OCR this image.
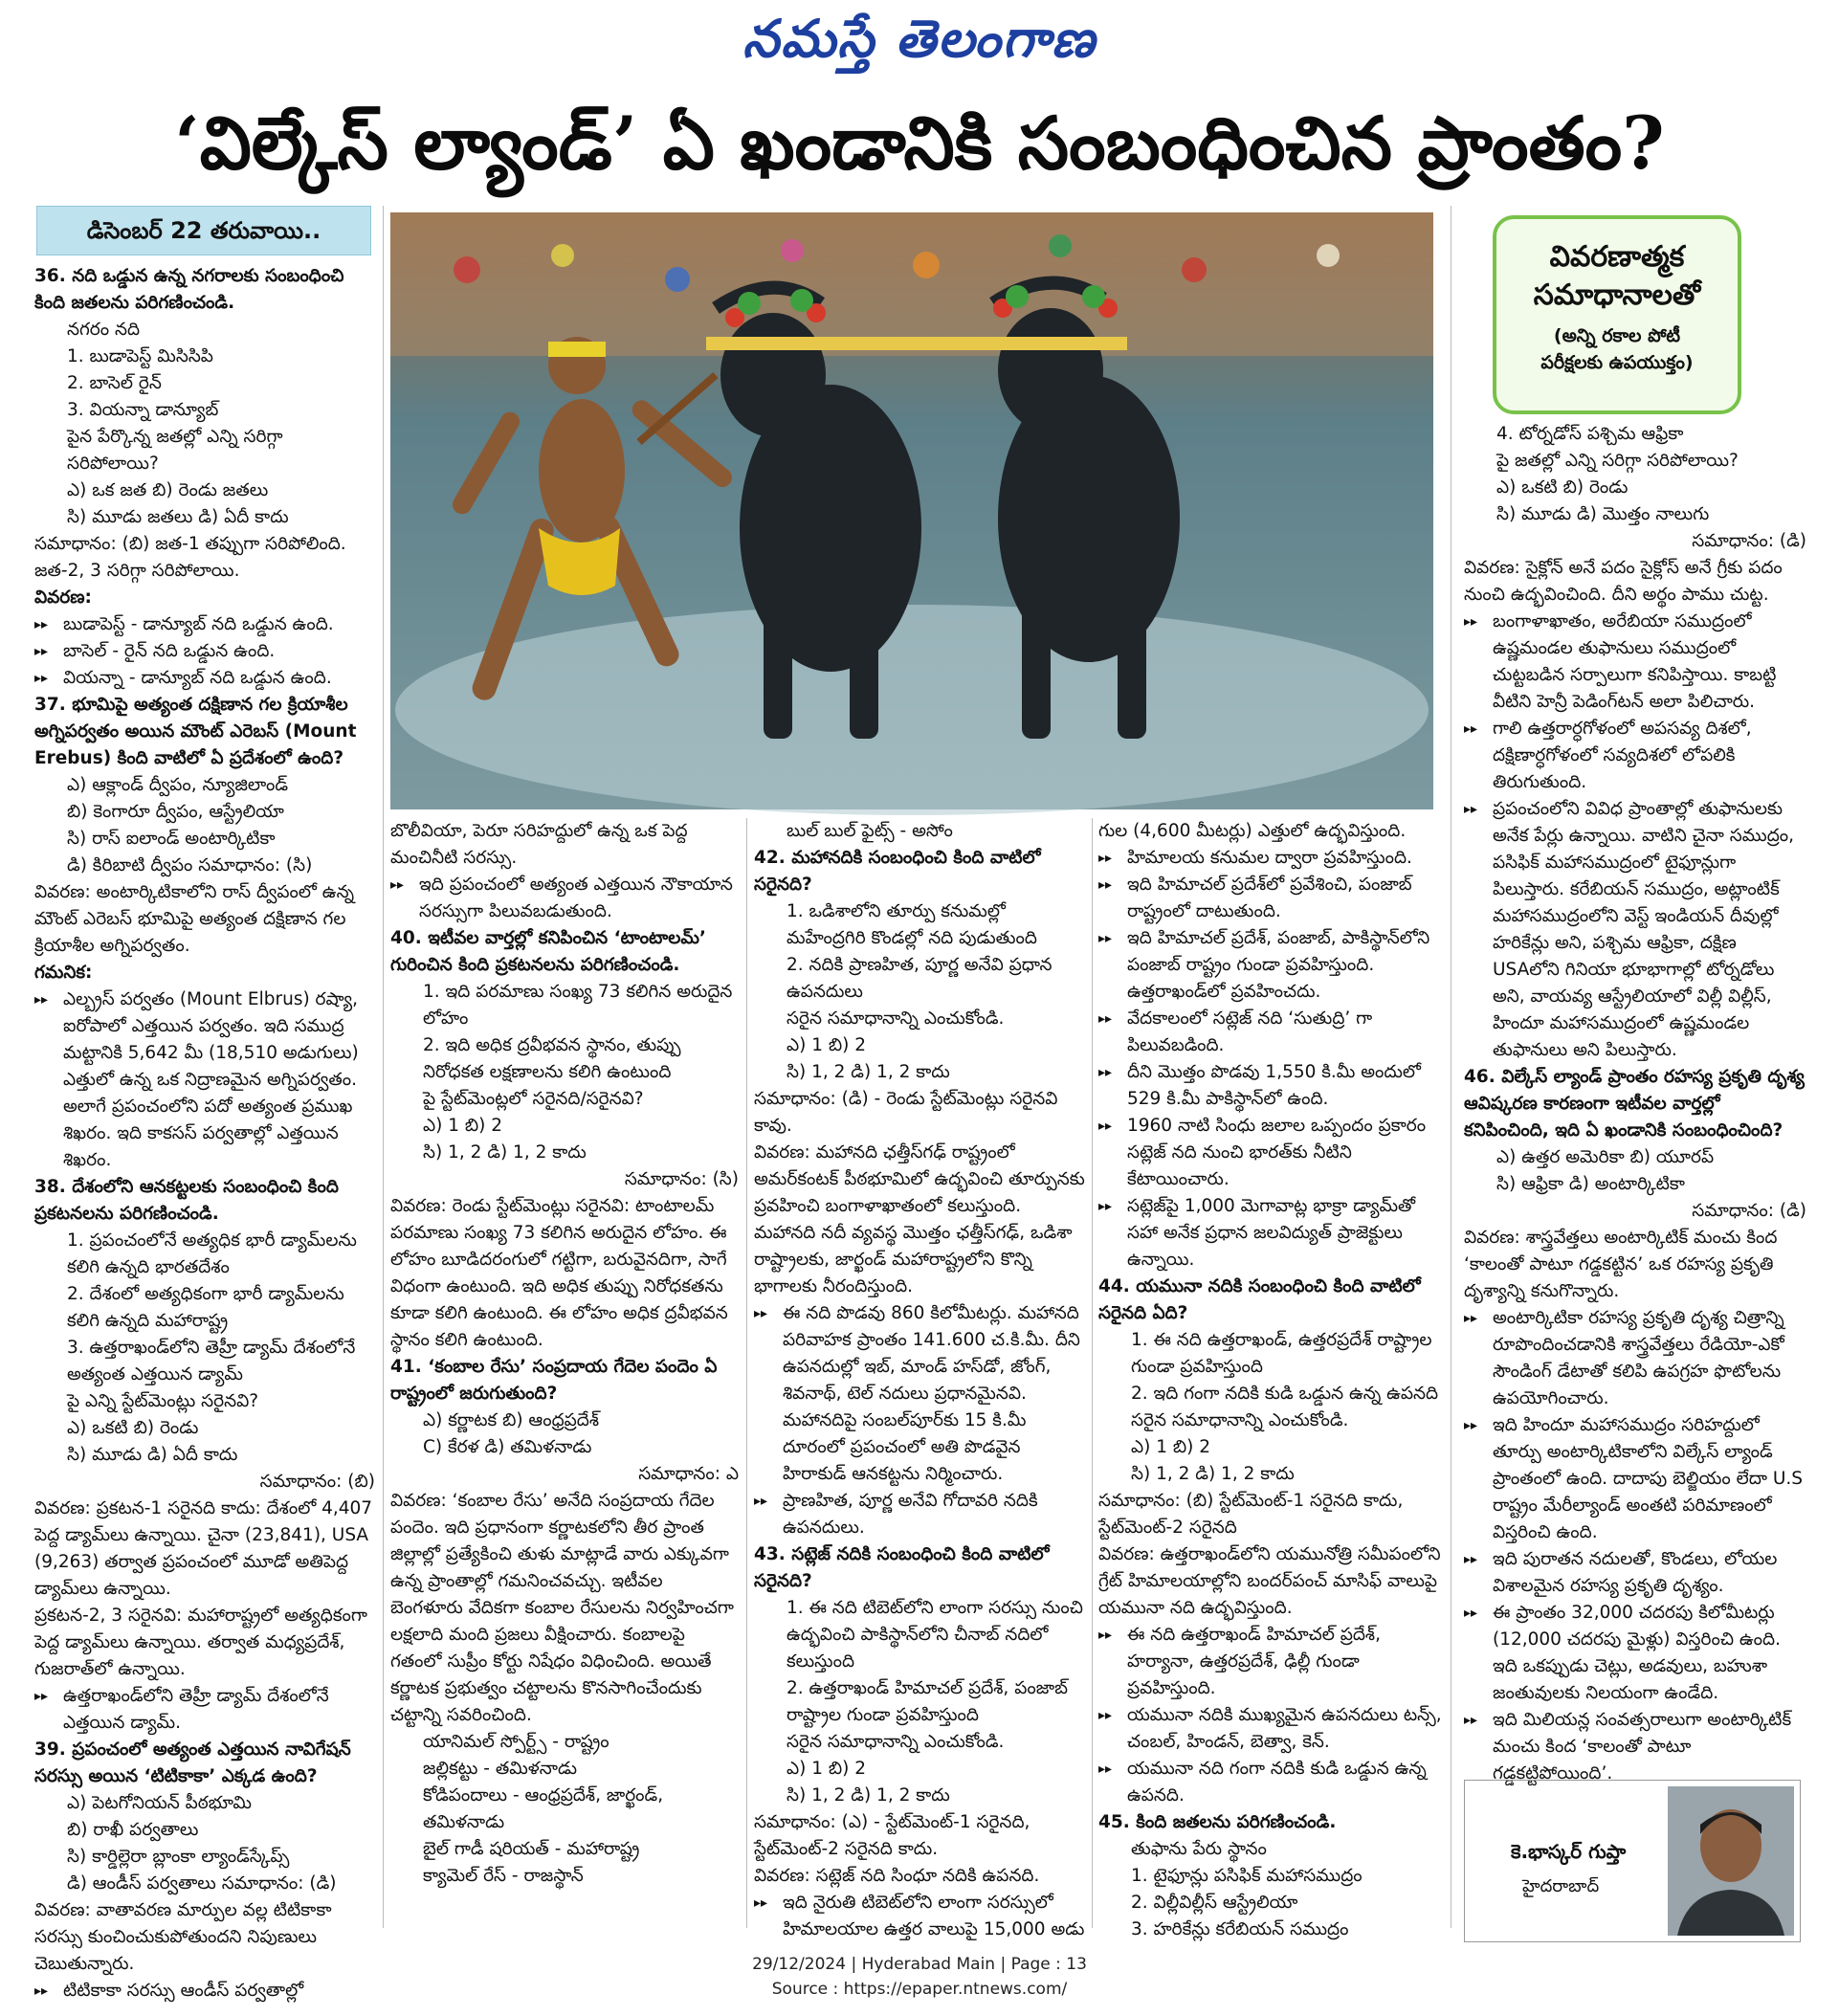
నమస్తే తెలంగాణ
‘విల్కేస్ ల్యాండ్’ ఏ ఖండానికి సంబంధించిన ప్రాంతం?
డిసెంబర్ 22 తరువాయి..

36. నది ఒడ్డున ఉన్న నగరాలకు సంబంధించి కింది జతలను పరిగణించండి.

నగరం నది

1. బుడాపెస్ట్ మిసిసిపి

2. బాసెల్ రైన్

3. వియన్నా డాన్యూబ్

పైన పేర్కొన్న జతల్లో ఎన్ని సరిగ్గా సరిపోలాయి?

ఎ) ఒక జత బి) రెండు జతలు

సి) మూడు జతలు డి) ఏదీ కాదు

సమాధానం: (బి) జత-1 తప్పుగా సరిపోలింది. జత-2, 3 సరిగ్గా సరిపోలాయి.

వివరణ:

▸▸ బుడాపెస్ట్ - డాన్యూబ్ నది ఒడ్డున ఉంది.

▸▸ బాసెల్ - రైన్ నది ఒడ్డున ఉంది.

▸▸ వియన్నా - డాన్యూబ్ నది ఒడ్డున ఉంది.

37. భూమిపై అత్యంత దక్షిణాన గల క్రియాశీల అగ్నిపర్వతం అయిన మౌంట్ ఎరెబస్ (Mount Erebus) కింది వాటిలో ఏ ప్రదేశంలో ఉంది?

ఎ) ఆక్లాండ్ ద్వీపం, న్యూజిలాండ్

బి) కెంగారూ ద్వీపం, ఆస్ట్రేలియా

సి) రాస్ ఐలాండ్ అంటార్కిటికా

డి) కిరిబాటి ద్వీపం సమాధానం: (సి)

వివరణ: అంటార్కిటికాలోని రాస్ ద్వీపంలో ఉన్న మౌంట్ ఎరెబస్ భూమిపై అత్యంత దక్షిణాన గల క్రియాశీల అగ్నిపర్వతం.

గమనిక:

▸▸ ఎల్బ్రస్ పర్వతం (Mount Elbrus) రష్యా, ఐరోపాలో ఎత్తయిన పర్వతం. ఇది సముద్ర మట్టానికి 5,642 మీ (18,510 అడుగులు) ఎత్తులో ఉన్న ఒక నిద్రాణమైన అగ్నిపర్వతం. అలాగే ప్రపంచంలోని పదో అత్యంత ప్రముఖ శిఖరం. ఇది కాకసస్ పర్వతాల్లో ఎత్తయిన శిఖరం.

38. దేశంలోని ఆనకట్టలకు సంబంధించి కింది ప్రకటనలను పరిగణించండి.

1. ప్రపంచంలోనే అత్యధిక భారీ డ్యామ్‌లను కలిగి ఉన్నది భారతదేశం

2. దేశంలో అత్యధికంగా భారీ డ్యామ్‌లను కలిగి ఉన్నది మహారాష్ట్ర

3. ఉత్తరాఖండ్‌లోని తెహ్రీ డ్యామ్ దేశంలోనే అత్యంత ఎత్తయిన డ్యామ్

పై ఎన్ని స్టేట్‌మెంట్లు సరైనవి?

ఎ) ఒకటి బి) రెండు

సి) మూడు డి) ఏదీ కాదు

సమాధానం: (బి)

వివరణ: ప్రకటన-1 సరైనది కాదు: దేశంలో 4,407 పెద్ద డ్యామ్‌లు ఉన్నాయి. చైనా (23,841), USA (9,263) తర్వాత ప్రపంచంలో మూడో అతిపెద్ద డ్యామ్‌లు ఉన్నాయి.

ప్రకటన-2, 3 సరైనవి: మహారాష్ట్రలో అత్యధికంగా పెద్ద డ్యామ్‌లు ఉన్నాయి. తర్వాత మధ్యప్రదేశ్, గుజరాత్‌లో ఉన్నాయి.

▸▸ ఉత్తరాఖండ్‌లోని తెహ్రీ డ్యామ్ దేశంలోనే ఎత్తయిన డ్యామ్.

39. ప్రపంచంలో అత్యంత ఎత్తయిన నావిగేషన్ సరస్సు అయిన ‘టిటికాకా’ ఎక్కడ ఉంది?

ఎ) పెటగోనియన్ పీఠభూమి

బి) రాఖీ పర్వతాలు

సి) కార్డిల్లెరా బ్లాంకా ల్యాండ్‌స్కేప్స్

డి) ఆండీస్ పర్వతాలు సమాధానం: (డి)

వివరణ: వాతావరణ మార్పుల వల్ల టిటికాకా సరస్సు కుంచించుకుపోతుందని నిపుణులు చెబుతున్నారు.

▸▸ టిటికాకా సరస్సు ఆండీస్ పర్వతాల్లో

బొలీవియా, పెరూ సరిహద్దులో ఉన్న ఒక పెద్ద మంచినీటి సరస్సు.

▸▸ ఇది ప్రపంచంలో అత్యంత ఎత్తయిన నౌకాయాన సరస్సుగా పిలువబడుతుంది.

40. ఇటీవల వార్తల్లో కనిపించిన ‘టాంటాలమ్’ గురించిన కింది ప్రకటనలను పరిగణించండి.

1. ఇది పరమాణు సంఖ్య 73 కలిగిన అరుదైన లోహం

2. ఇది అధిక ద్రవీభవన స్థానం, తుప్పు నిరోధకత లక్షణాలను కలిగి ఉంటుంది

పై స్టేట్‌మెంట్లలో సరైనది/సరైనవి?

ఎ) 1 బి) 2

సి) 1, 2 డి) 1, 2 కాదు

సమాధానం: (సి)

వివరణ: రెండు స్టేట్‌మెంట్లు సరైనవి: టాంటాలమ్ పరమాణు సంఖ్య 73 కలిగిన అరుదైన లోహం. ఈ లోహం బూడిదరంగులో గట్టిగా, బరువైనదిగా, సాగే విధంగా ఉంటుంది. ఇది అధిక తుప్పు నిరోధకతను కూడా కలిగి ఉంటుంది. ఈ లోహం అధిక ద్రవీభవన స్థానం కలిగి ఉంటుంది.

41. ‘కంబాల రేసు’ సంప్రదాయ గేదెల పందెం ఏ రాష్ట్రంలో జరుగుతుంది?

ఎ) కర్ణాటక బి) ఆంధ్రప్రదేశ్

C) కేరళ డి) తమిళనాడు

సమాధానం: ఎ

వివరణ: ‘కంబాల రేసు’ అనేది సంప్రదాయ గేదెల పందెం. ఇది ప్రధానంగా కర్ణాటకలోని తీర ప్రాంత జిల్లాల్లో ప్రత్యేకించి తుళు మాట్లాడే వారు ఎక్కువగా ఉన్న ప్రాంతాల్లో గమనించవచ్చు. ఇటీవల బెంగళూరు వేదికగా కంబాల రేసులను నిర్వహించగా లక్షలాది మంది ప్రజలు వీక్షించారు. కంబాలపై గతంలో సుప్రీం కోర్టు నిషేధం విధించింది. అయితే కర్ణాటక ప్రభుత్వం చట్టాలను కొనసాగించేందుకు చట్టాన్ని సవరించింది.

యానిమల్ స్పోర్ట్స్ - రాష్ట్రం

జల్లికట్టు - తమిళనాడు

కోడిపందాలు - ఆంధ్రప్రదేశ్, జార్ఖండ్, తమిళనాడు

బైల్ గాడీ షరియత్ - మహారాష్ట్ర

క్యామెల్ రేస్ - రాజస్థాన్

బుల్ బుల్ ఫైట్స్ - అసోం

42. మహానదికి సంబంధించి కింది వాటిలో సరైనది?

1. ఒడిశాలోని తూర్పు కనుమల్లో మహేంద్రగిరి కొండల్లో నది పుడుతుంది

2. నదికి ప్రాణహిత, పూర్ణ అనేవి ప్రధాన ఉపనదులు

సరైన సమాధానాన్ని ఎంచుకోండి.

ఎ) 1 బి) 2

సి) 1, 2 డి) 1, 2 కాదు

సమాధానం: (డి) - రెండు స్టేట్‌మెంట్లు సరైనవి కావు.

వివరణ: మహానది ఛత్తీస్‌గఢ్ రాష్ట్రంలో అమర్‌కంటక్ పీఠభూమిలో ఉద్భవించి తూర్పునకు ప్రవహించి బంగాళాఖాతంలో కలుస్తుంది. మహానది నదీ వ్యవస్థ మొత్తం ఛత్తీస్‌గఢ్, ఒడిశా రాష్ట్రాలకు, జార్ఖండ్ మహారాష్ట్రలోని కొన్ని భాగాలకు నీరందిస్తుంది.

▸▸ ఈ నది పొడవు 860 కిలోమీటర్లు. మహానది పరివాహక ప్రాంతం 141.600 చ.కి.మీ. దీని ఉపనదుల్లో ఇబ్, మాండ్ హస్‌డో, జోంగ్, శివనాథ్, టెల్ నదులు ప్రధానమైనవి. మహానదిపై సంబల్‌పూర్‌కు 15 కి.మీ దూరంలో ప్రపంచంలో అతి పొడవైన హిరాకుడ్ ఆనకట్టను నిర్మించారు.

▸▸ ప్రాణహిత, పూర్ణ అనేవి గోదావరి నదికి ఉపనదులు.

43. సట్లెజ్ నదికి సంబంధించి కింది వాటిలో సరైనది?

1. ఈ నది టిబెట్‌లోని లాంగా సరస్సు నుంచి ఉద్భవించి పాకిస్థాన్‌లోని చీనాబ్ నదిలో కలుస్తుంది

2. ఉత్తరాఖండ్ హిమాచల్ ప్రదేశ్, పంజాబ్ రాష్ట్రాల గుండా ప్రవహిస్తుంది

సరైన సమాధానాన్ని ఎంచుకోండి.

ఎ) 1 బి) 2

సి) 1, 2 డి) 1, 2 కాదు

సమాధానం: (ఎ) - స్టేట్‌మెంట్-1 సరైనది, స్టేట్‌మెంట్-2 సరైనది కాదు.

వివరణ: సట్లెజ్ నది సింధూ నదికి ఉపనది.

▸▸ ఇది నైరుతి టిబెట్‌లోని లాంగా సరస్సులో హిమాలయాల ఉత్తర వాలుపై 15,000 అడు

గుల (4,600 మీటర్లు) ఎత్తులో ఉద్భవిస్తుంది.

▸▸ హిమాలయ కనుమల ద్వారా ప్రవహిస్తుంది.

▸▸ ఇది హిమాచల్ ప్రదేశ్‌లో ప్రవేశించి, పంజాబ్ రాష్ట్రంలో దాటుతుంది.

▸▸ ఇది హిమాచల్ ప్రదేశ్, పంజాబ్, పాకిస్థాన్‌లోని పంజాబ్ రాష్ట్రం గుండా ప్రవహిస్తుంది. ఉత్తరాఖండ్‌లో ప్రవహించదు.

▸▸ వేదకాలంలో సట్లెజ్ నది ‘సుతుద్రి’ గా పిలువబడింది.

▸▸ దీని మొత్తం పొడవు 1,550 కి.మీ అందులో 529 కి.మీ పాకిస్థాన్‌లో ఉంది.

▸▸ 1960 నాటి సింధు జలాల ఒప్పందం ప్రకారం సట్లెజ్ నది నుంచి భారత్‌కు నీటిని కేటాయించారు.

▸▸ సట్లెజ్‌పై 1,000 మెగావాట్ల భాక్రా డ్యామ్‌తో సహా అనేక ప్రధాన జలవిద్యుత్ ప్రాజెక్టులు ఉన్నాయి.

44. యమునా నదికి సంబంధించి కింది వాటిలో సరైనది ఏది?

1. ఈ నది ఉత్తరాఖండ్, ఉత్తరప్రదేశ్ రాష్ట్రాల గుండా ప్రవహిస్తుంది

2. ఇది గంగా నదికి కుడి ఒడ్డున ఉన్న ఉపనది

సరైన సమాధానాన్ని ఎంచుకోండి.

ఎ) 1 బి) 2

సి) 1, 2 డి) 1, 2 కాదు

సమాధానం: (బి) స్టేట్‌మెంట్-1 సరైనది కాదు, స్టేట్‌మెంట్-2 సరైనది

వివరణ: ఉత్తరాఖండ్‌లోని యమునోత్రి సమీపంలోని గ్రేట్ హిమాలయాల్లోని బందర్‌పంచ్ మాసిఫ్ వాలుపై యమునా నది ఉద్భవిస్తుంది.

▸▸ ఈ నది ఉత్తరాఖండ్ హిమాచల్ ప్రదేశ్, హర్యానా, ఉత్తరప్రదేశ్, ఢిల్లీ గుండా ప్రవహిస్తుంది.

▸▸ యమునా నదికి ముఖ్యమైన ఉపనదులు టన్స్, చంబల్, హిండన్, బెత్వా, కెన్.

▸▸ యమునా నది గంగా నదికి కుడి ఒడ్డున ఉన్న ఉపనది.

45. కింది జతలను పరిగణించండి.

తుఫాను పేరు స్థానం

1. టైఫూన్లు పసిఫిక్ మహాసముద్రం

2. విల్లీవిల్లీస్ ఆస్ట్రేలియా

3. హరికేన్లు కరేబియన్ సముద్రం

4. టోర్నడోస్ పశ్చిమ ఆఫ్రికా

పై జతల్లో ఎన్ని సరిగ్గా సరిపోలాయి?

ఎ) ఒకటి బి) రెండు

సి) మూడు డి) మొత్తం నాలుగు

సమాధానం: (డి)

వివరణ: సైక్లోన్ అనే పదం సైక్లోస్ అనే గ్రీకు పదం నుంచి ఉద్భవించింది. దీని అర్థం పాము చుట్ట.

▸▸ బంగాళాఖాతం, అరేబియా సముద్రంలో ఉష్ణమండల తుఫానులు సముద్రంలో చుట్టబడిన సర్పాలుగా కనిపిస్తాయి. కాబట్టి వీటిని హెన్రీ పెడింగ్‌టన్ అలా పిలిచారు.

▸▸ గాలి ఉత్తరార్ధగోళంలో అపసవ్య దిశలో, దక్షిణార్ధగోళంలో సవ్యదిశలో లోపలికి తిరుగుతుంది.

▸▸ ప్రపంచంలోని వివిధ ప్రాంతాల్లో తుఫానులకు అనేక పేర్లు ఉన్నాయి. వాటిని చైనా సముద్రం, పసిఫిక్ మహాసముద్రంలో టైఫూన్లుగా పిలుస్తారు. కరేబియన్ సముద్రం, అట్లాంటిక్ మహాసముద్రంలోని వెస్ట్ ఇండియన్ దీవుల్లో హరికేన్లు అని, పశ్చిమ ఆఫ్రికా, దక్షిణ USAలోని గినియా భూభాగాల్లో టోర్నడోలు అని, వాయవ్య ఆస్ట్రేలియాలో విల్లీ విల్లీస్, హిందూ మహాసముద్రంలో ఉష్ణమండల తుఫానులు అని పిలుస్తారు.

46. విల్కేస్ ల్యాండ్ ప్రాంతం రహస్య ప్రకృతి దృశ్య ఆవిష్కరణ కారణంగా ఇటీవల వార్తల్లో కనిపించింది, ఇది ఏ ఖండానికి సంబంధించింది?

ఎ) ఉత్తర అమెరికా బి) యూరప్

సి) ఆఫ్రికా డి) అంటార్కిటికా

సమాధానం: (డి)

వివరణ: శాస్త్రవేత్తలు అంటార్కిటిక్ మంచు కింద ‘కాలంతో పాటూ గడ్డకట్టిన’ ఒక రహస్య ప్రకృతి దృశ్యాన్ని కనుగొన్నారు.

▸▸ అంటార్కిటికా రహస్య ప్రకృతి దృశ్య చిత్రాన్ని రూపొందించడానికి శాస్త్రవేత్తలు రేడియో-ఎకో సౌండింగ్ డేటాతో కలిపి ఉపగ్రహ ఫొటోలను ఉపయోగించారు.

▸▸ ఇది హిందూ మహాసముద్రం సరిహద్దులో తూర్పు అంటార్కిటికాలోని విల్కేస్ ల్యాండ్ ప్రాంతంలో ఉంది. దాదాపు బెల్జియం లేదా U.S రాష్ట్రం మేరీల్యాండ్ అంతటి పరిమాణంలో విస్తరించి ఉంది.

▸▸ ఇది పురాతన నదులతో, కొండలు, లోయల విశాలమైన రహస్య ప్రకృతి దృశ్యం.

▸▸ ఈ ప్రాంతం 32,000 చదరపు కిలోమీటర్లు (12,000 చదరపు మైళ్లు) విస్తరించి ఉంది. ఇది ఒకప్పుడు చెట్లు, అడవులు, బహుశా జంతువులకు నిలయంగా ఉండేది.

▸▸ ఇది మిలియన్ల సంవత్సరాలుగా అంటార్కిటిక్ మంచు కింద ‘కాలంతో పాటూ గడ్డకట్టిపోయింది’.

వివరణాత్మక
సమాధానాలతో
(అన్ని రకాల పోటీ
పరీక్షలకు ఉపయుక్తం)
కె.భాస్కర్ గుప్తా
హైదరాబాద్
29/12/2024 | Hyderabad Main | Page : 13
Source : https://epaper.ntnews.com/
